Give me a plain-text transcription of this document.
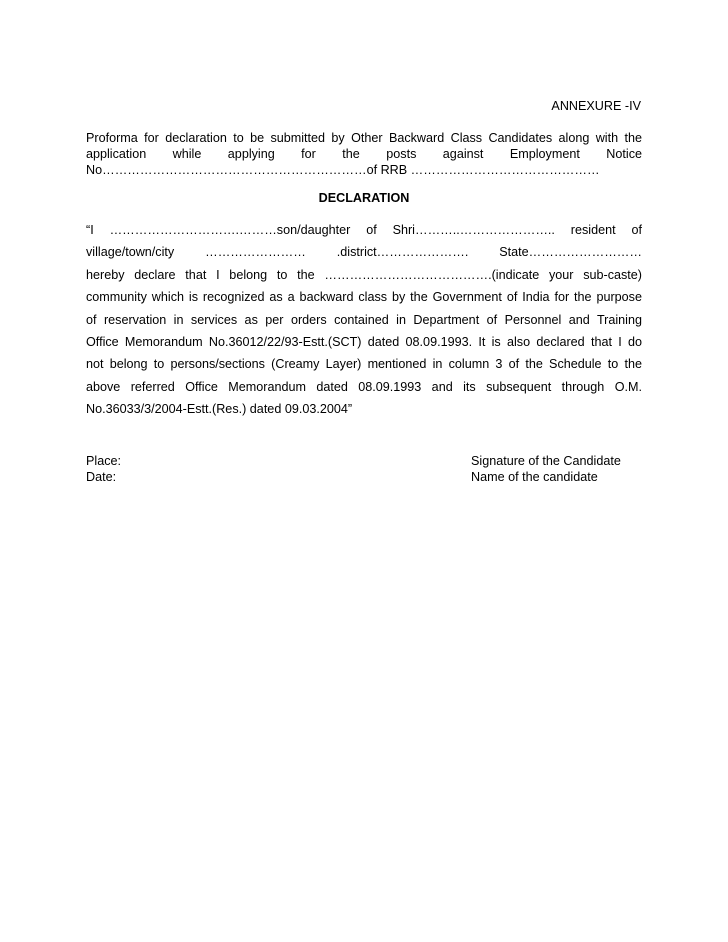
ANNEXURE -IV
Proforma for declaration to be submitted by Other Backward Class Candidates along with the
application while applying for the posts against Employment Notice
No………………………………………………………of RRB ………………………………………
DECLARATION
“I ………………………….………son/daughter of Shri………..………………….. resident of
village/town/city …………………… .district…………………. State………………………
hereby declare that I belong to the ………………………………….(indicate your sub-caste)
community which is recognized as a backward class by the Government of India for the purpose
of reservation in services as per orders contained in Department of Personnel and Training
Office Memorandum No.36012/22/93-Estt.(SCT) dated 08.09.1993. It is also declared that I do
not belong to persons/sections (Creamy Layer) mentioned in column 3 of the Schedule to the
above referred Office Memorandum dated 08.09.1993 and its subsequent through O.M.
No.36033/3/2004-Estt.(Res.) dated 09.03.2004”
Place:
Date:
Signature of the Candidate
Name of the candidate
